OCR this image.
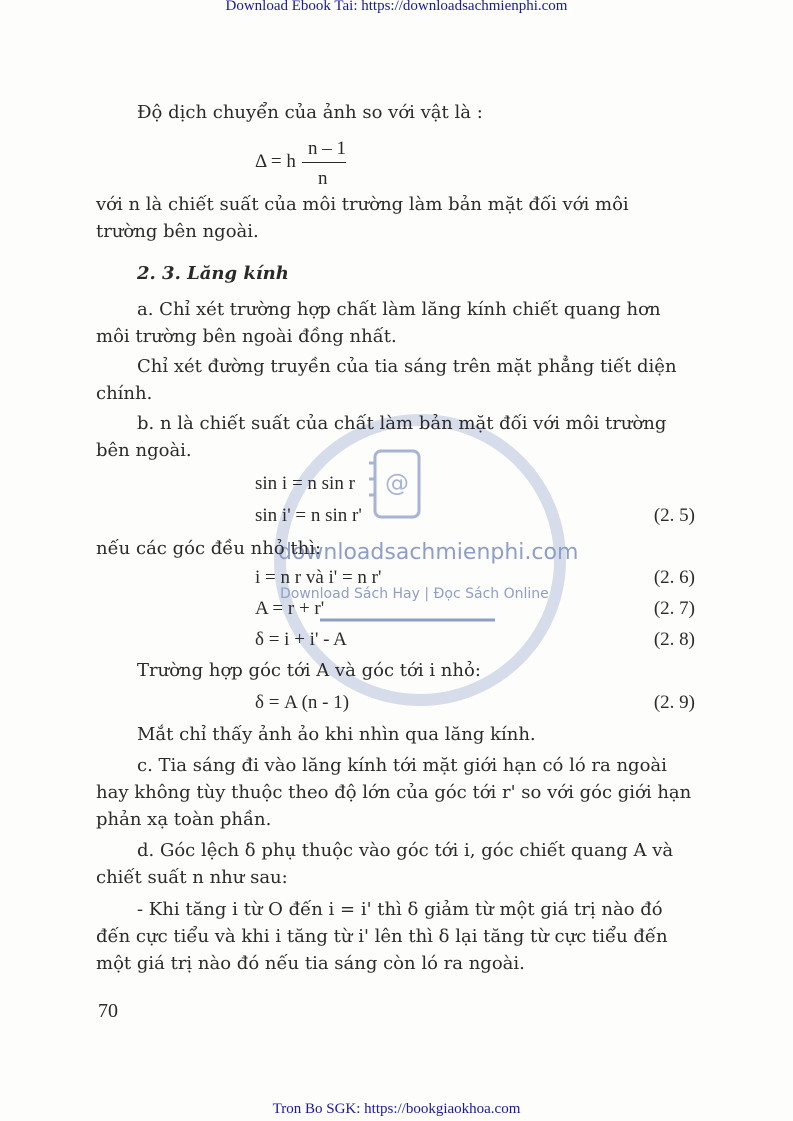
Download Ebook Tai: https://downloadsachmienphi.com
Tron Bo SGK: https://bookgiaokhoa.com
@
downloadsachmienphi.com
Download Sách Hay | Đọc Sách Online
Độ dịch chuyển của ảnh so với vật là :
Δ = h
n – 1
n
với n là chiết suất của môi trường làm bản mặt đối với môi
trường bên ngoài.
2. 3. Lăng kính
a. Chỉ xét trường hợp chất làm lăng kính chiết quang hơn
môi trường bên ngoài đồng nhất.
Chỉ xét đường truyền của tia sáng trên mặt phẳng tiết diện
chính.
b. n là chiết suất của chất làm bản mặt đối với môi trường
bên ngoài.
sin i = n sin r
sin i' = n sin r'	(2. 5)
nếu các góc đều nhỏ thì:
i = n r và i' = n r'	(2. 6)
A = r + r'	(2. 7)
δ = i + i' - A	(2. 8)
Trường hợp góc tới A và góc tới i nhỏ:
δ = A (n - 1)	(2. 9)
Mắt chỉ thấy ảnh ảo khi nhìn qua lăng kính.
c. Tia sáng đi vào lăng kính tới mặt giới hạn có ló ra ngoài
hay không tùy thuộc theo độ lớn của góc tới r' so với góc giới hạn
phản xạ toàn phần.
d. Góc lệch δ phụ thuộc vào góc tới i, góc chiết quang A và
chiết suất n như sau:
- Khi tăng i từ O đến i = i' thì δ giảm từ một giá trị nào đó
đến cực tiểu và khi i tăng từ i' lên thì δ lại tăng từ cực tiểu đến
một giá trị nào đó nếu tia sáng còn ló ra ngoài.
70
